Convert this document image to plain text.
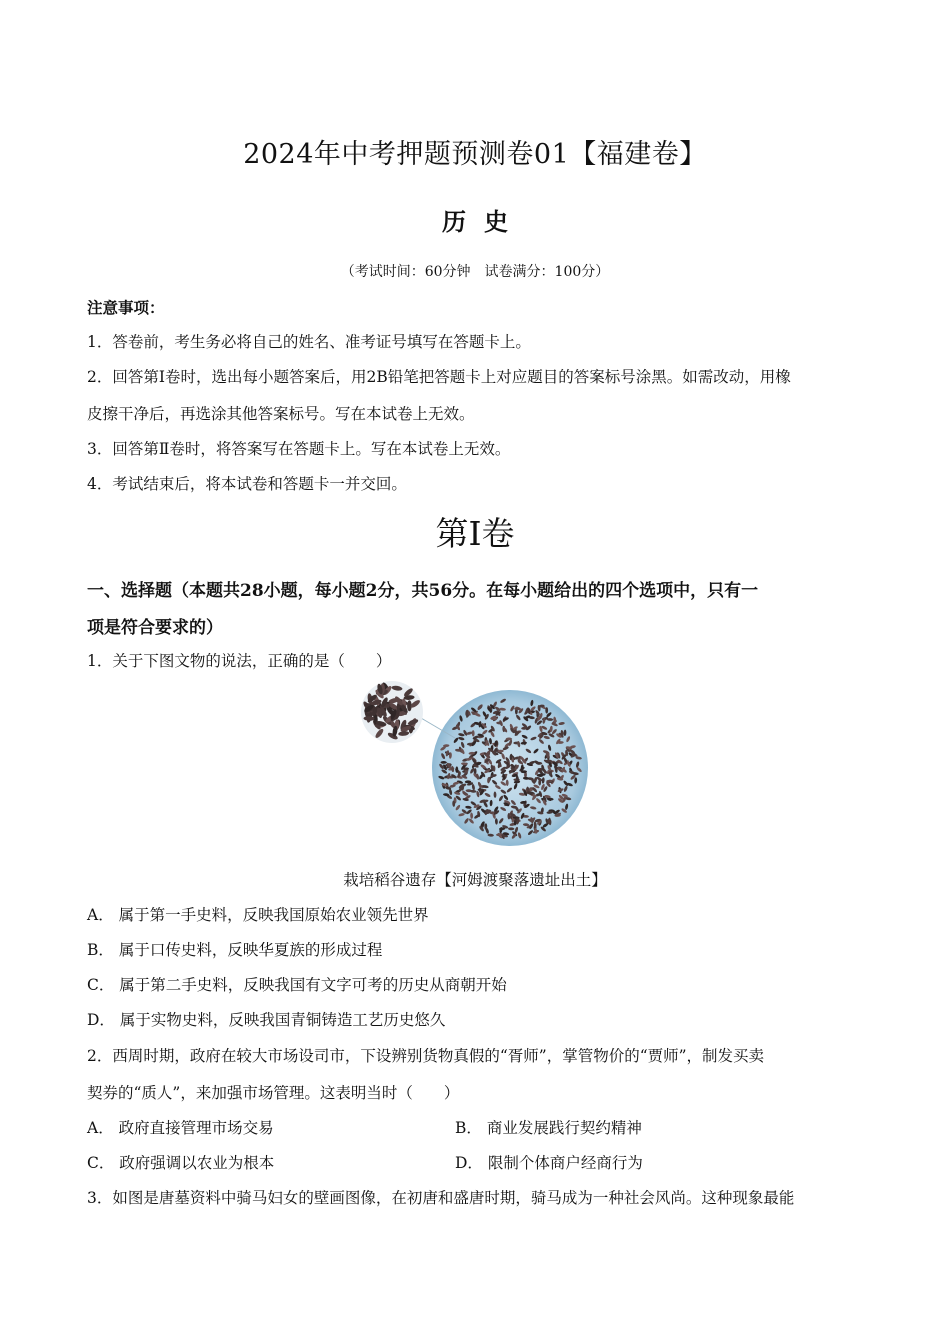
2024年中考押题预测卷01【福建卷】
历史
（考试时间：60分钟　试卷满分：100分）
注意事项：
1．答卷前，考生务必将自己的姓名、准考证号填写在答题卡上。
2．回答第Ⅰ卷时，选出每小题答案后，用2B铅笔把答题卡上对应题目的答案标号涂黑。如需改动，用橡
皮擦干净后，再选涂其他答案标号。写在本试卷上无效。
3．回答第Ⅱ卷时，将答案写在答题卡上。写在本试卷上无效。
4．考试结束后，将本试卷和答题卡一并交回。
第Ⅰ卷
一、选择题（本题共28小题，每小题2分，共56分。在每小题给出的四个选项中，只有一
项是符合要求的）
1．关于下图文物的说法，正确的是（　　）
栽培稻谷遗存【河姆渡聚落遗址出土】
A． 属于第一手史料，反映我国原始农业领先世界
B． 属于口传史料，反映华夏族的形成过程
C． 属于第二手史料，反映我国有文字可考的历史从商朝开始
D． 属于实物史料，反映我国青铜铸造工艺历史悠久
2．西周时期，政府在较大市场设司市，下设辨别货物真假的“胥师”，掌管物价的“贾师”，制发买卖
契券的“质人”，来加强市场管理。这表明当时（　　）
A． 政府直接管理市场交易	B． 商业发展践行契约精神
C． 政府强调以农业为根本	D． 限制个体商户经商行为
3．如图是唐墓资料中骑马妇女的壁画图像，在初唐和盛唐时期，骑马成为一种社会风尚。这种现象最能
